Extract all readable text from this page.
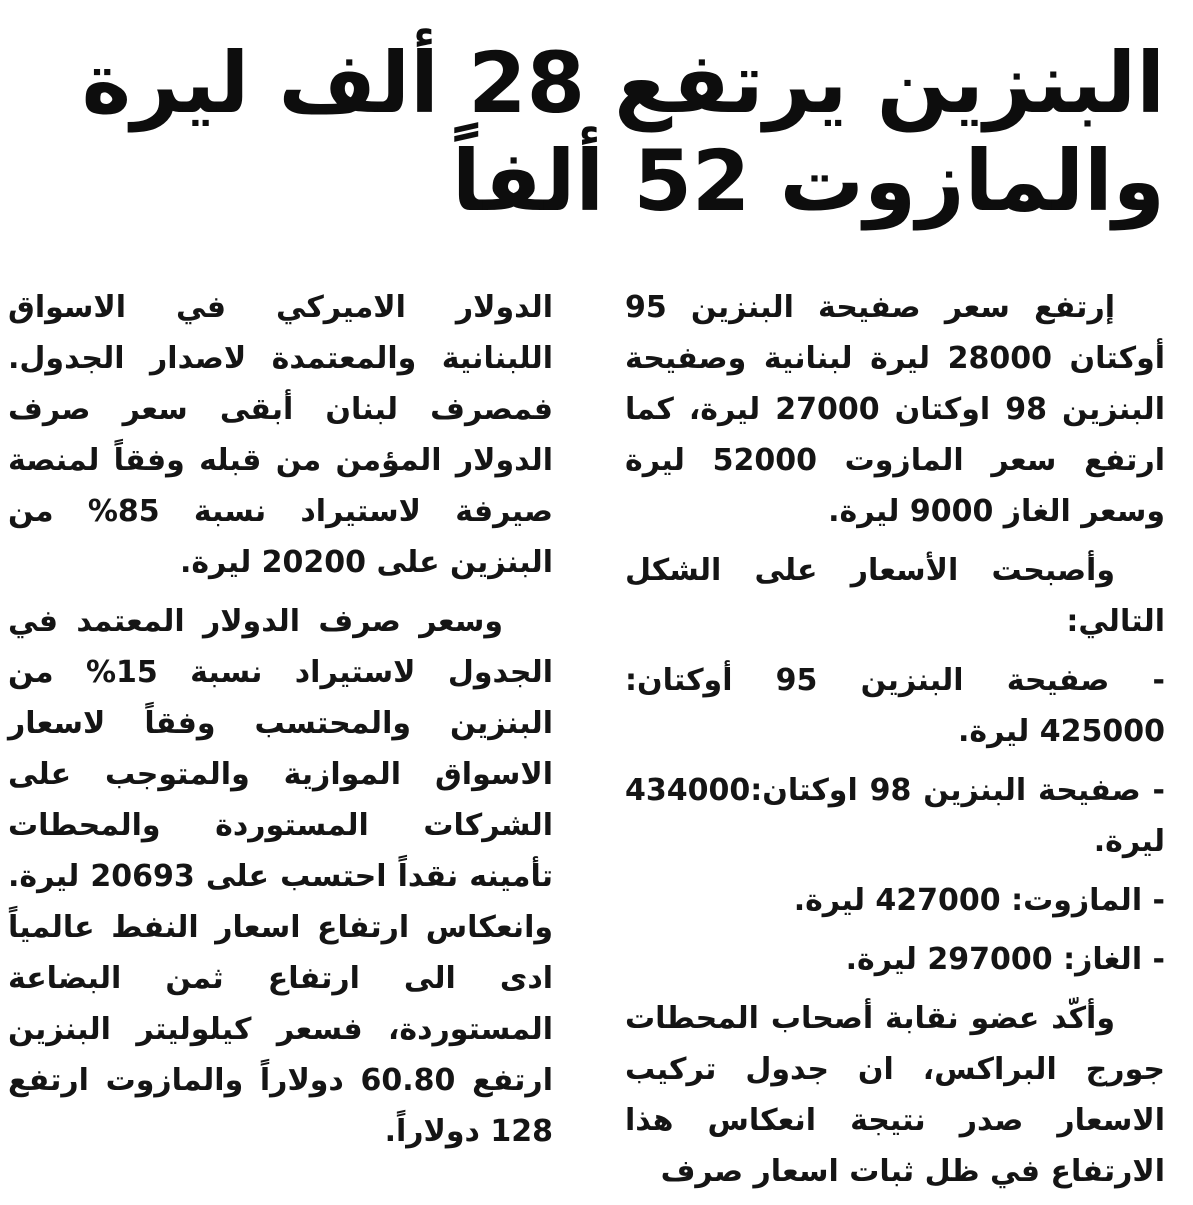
البنزين يرتفع 28 ألف ليرة
والمازوت 52 ألفاً

إرتفع سعر صفيحة البنزين 95 أوكتان 28000 ليرة لبنانية وصفيحة البنزين 98 اوكتان 27000 ليرة، كما ارتفع سعر المازوت 52000 ليرة وسعر الغاز 9000 ليرة.

وأصبحت الأسعار على الشكل التالي:

- صفيحة البنزين 95 أوكتان: 425000 ليرة.

- صفيحة البنزين 98 اوكتان:434000 ليرة.

- المازوت: 427000 ليرة.

- الغاز: 297000 ليرة.

وأكّد عضو نقابة أصحاب المحطات جورج البراكس، ان جدول تركيب الاسعار صدر نتيجة انعكاس هذا الارتفاع في ظل ثبات اسعار صرف

الدولار الاميركي في الاسواق اللبنانية والمعتمدة لاصدار الجدول. فمصرف لبنان أبقى سعر صرف الدولار المؤمن من قبله وفقاً لمنصة صيرفة لاستيراد نسبة 85% من البنزين على 20200 ليرة.

وسعر صرف الدولار المعتمد في الجدول لاستيراد نسبة 15% من البنزين والمحتسب وفقاً لاسعار الاسواق الموازية والمتوجب على الشركات المستوردة والمحطات تأمينه نقداً احتسب على 20693 ليرة. وانعكاس ارتفاع اسعار النفط عالمياً ادى الى ارتفاع ثمن البضاعة المستوردة، فسعر كيلوليتر البنزين ارتفع 60.80 دولاراً والمازوت ارتفع 128 دولاراً.
